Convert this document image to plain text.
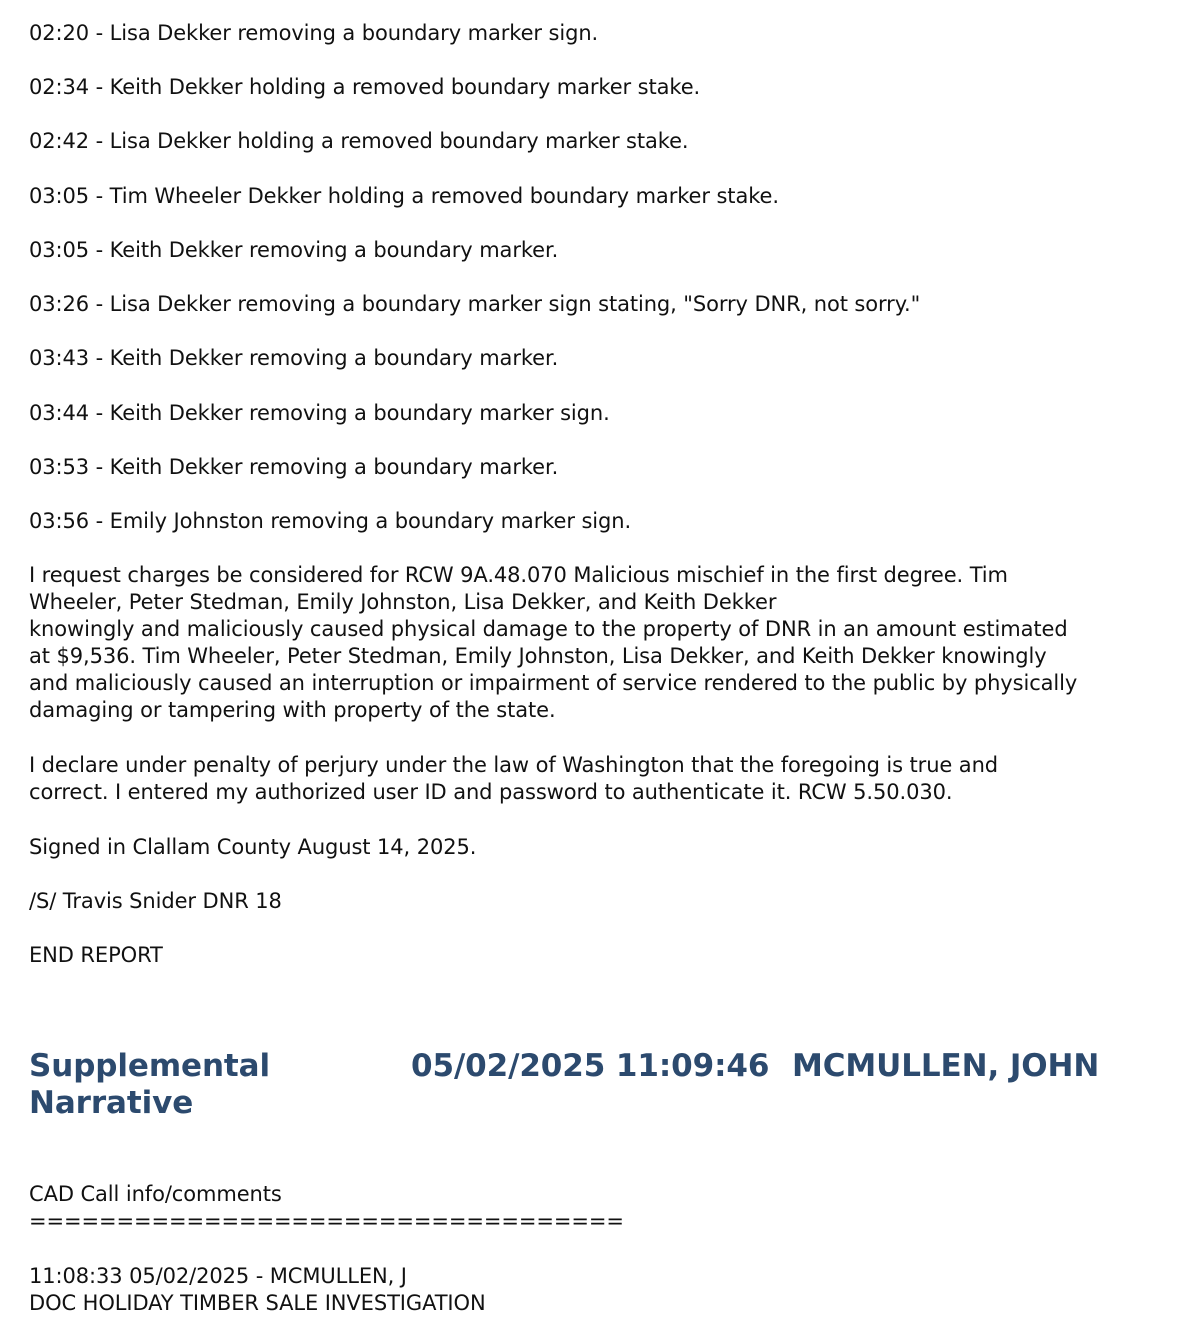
02:20 - Lisa Dekker removing a boundary marker sign.
02:34 - Keith Dekker holding a removed boundary marker stake.
02:42 - Lisa Dekker holding a removed boundary marker stake.
03:05 - Tim Wheeler Dekker holding a removed boundary marker stake.
03:05 - Keith Dekker removing a boundary marker.
03:26 - Lisa Dekker removing a boundary marker sign stating, "Sorry DNR, not sorry."
03:43 - Keith Dekker removing a boundary marker.
03:44 - Keith Dekker removing a boundary marker sign.
03:53 - Keith Dekker removing a boundary marker.
03:56 - Emily Johnston removing a boundary marker sign.
I request charges be considered for RCW 9A.48.070 Malicious mischief in the first degree. Tim
Wheeler, Peter Stedman, Emily Johnston, Lisa Dekker, and Keith Dekker
knowingly and maliciously caused physical damage to the property of DNR in an amount estimated
at $9,536. Tim Wheeler, Peter Stedman, Emily Johnston, Lisa Dekker, and Keith Dekker knowingly
and maliciously caused an interruption or impairment of service rendered to the public by physically
damaging or tampering with property of the state.
I declare under penalty of perjury under the law of Washington that the foregoing is true and
correct. I entered my authorized user ID and password to authenticate it. RCW 5.50.030.
Signed in Clallam County August 14, 2025.
/S/ Travis Snider DNR 18
END REPORT
Supplemental
Narrative
05/02/2025 11:09:46 MCMULLEN, JOHN
CAD Call info/comments
==================================
11:08:33 05/02/2025 - MCMULLEN, J
DOC HOLIDAY TIMBER SALE INVESTIGATION
